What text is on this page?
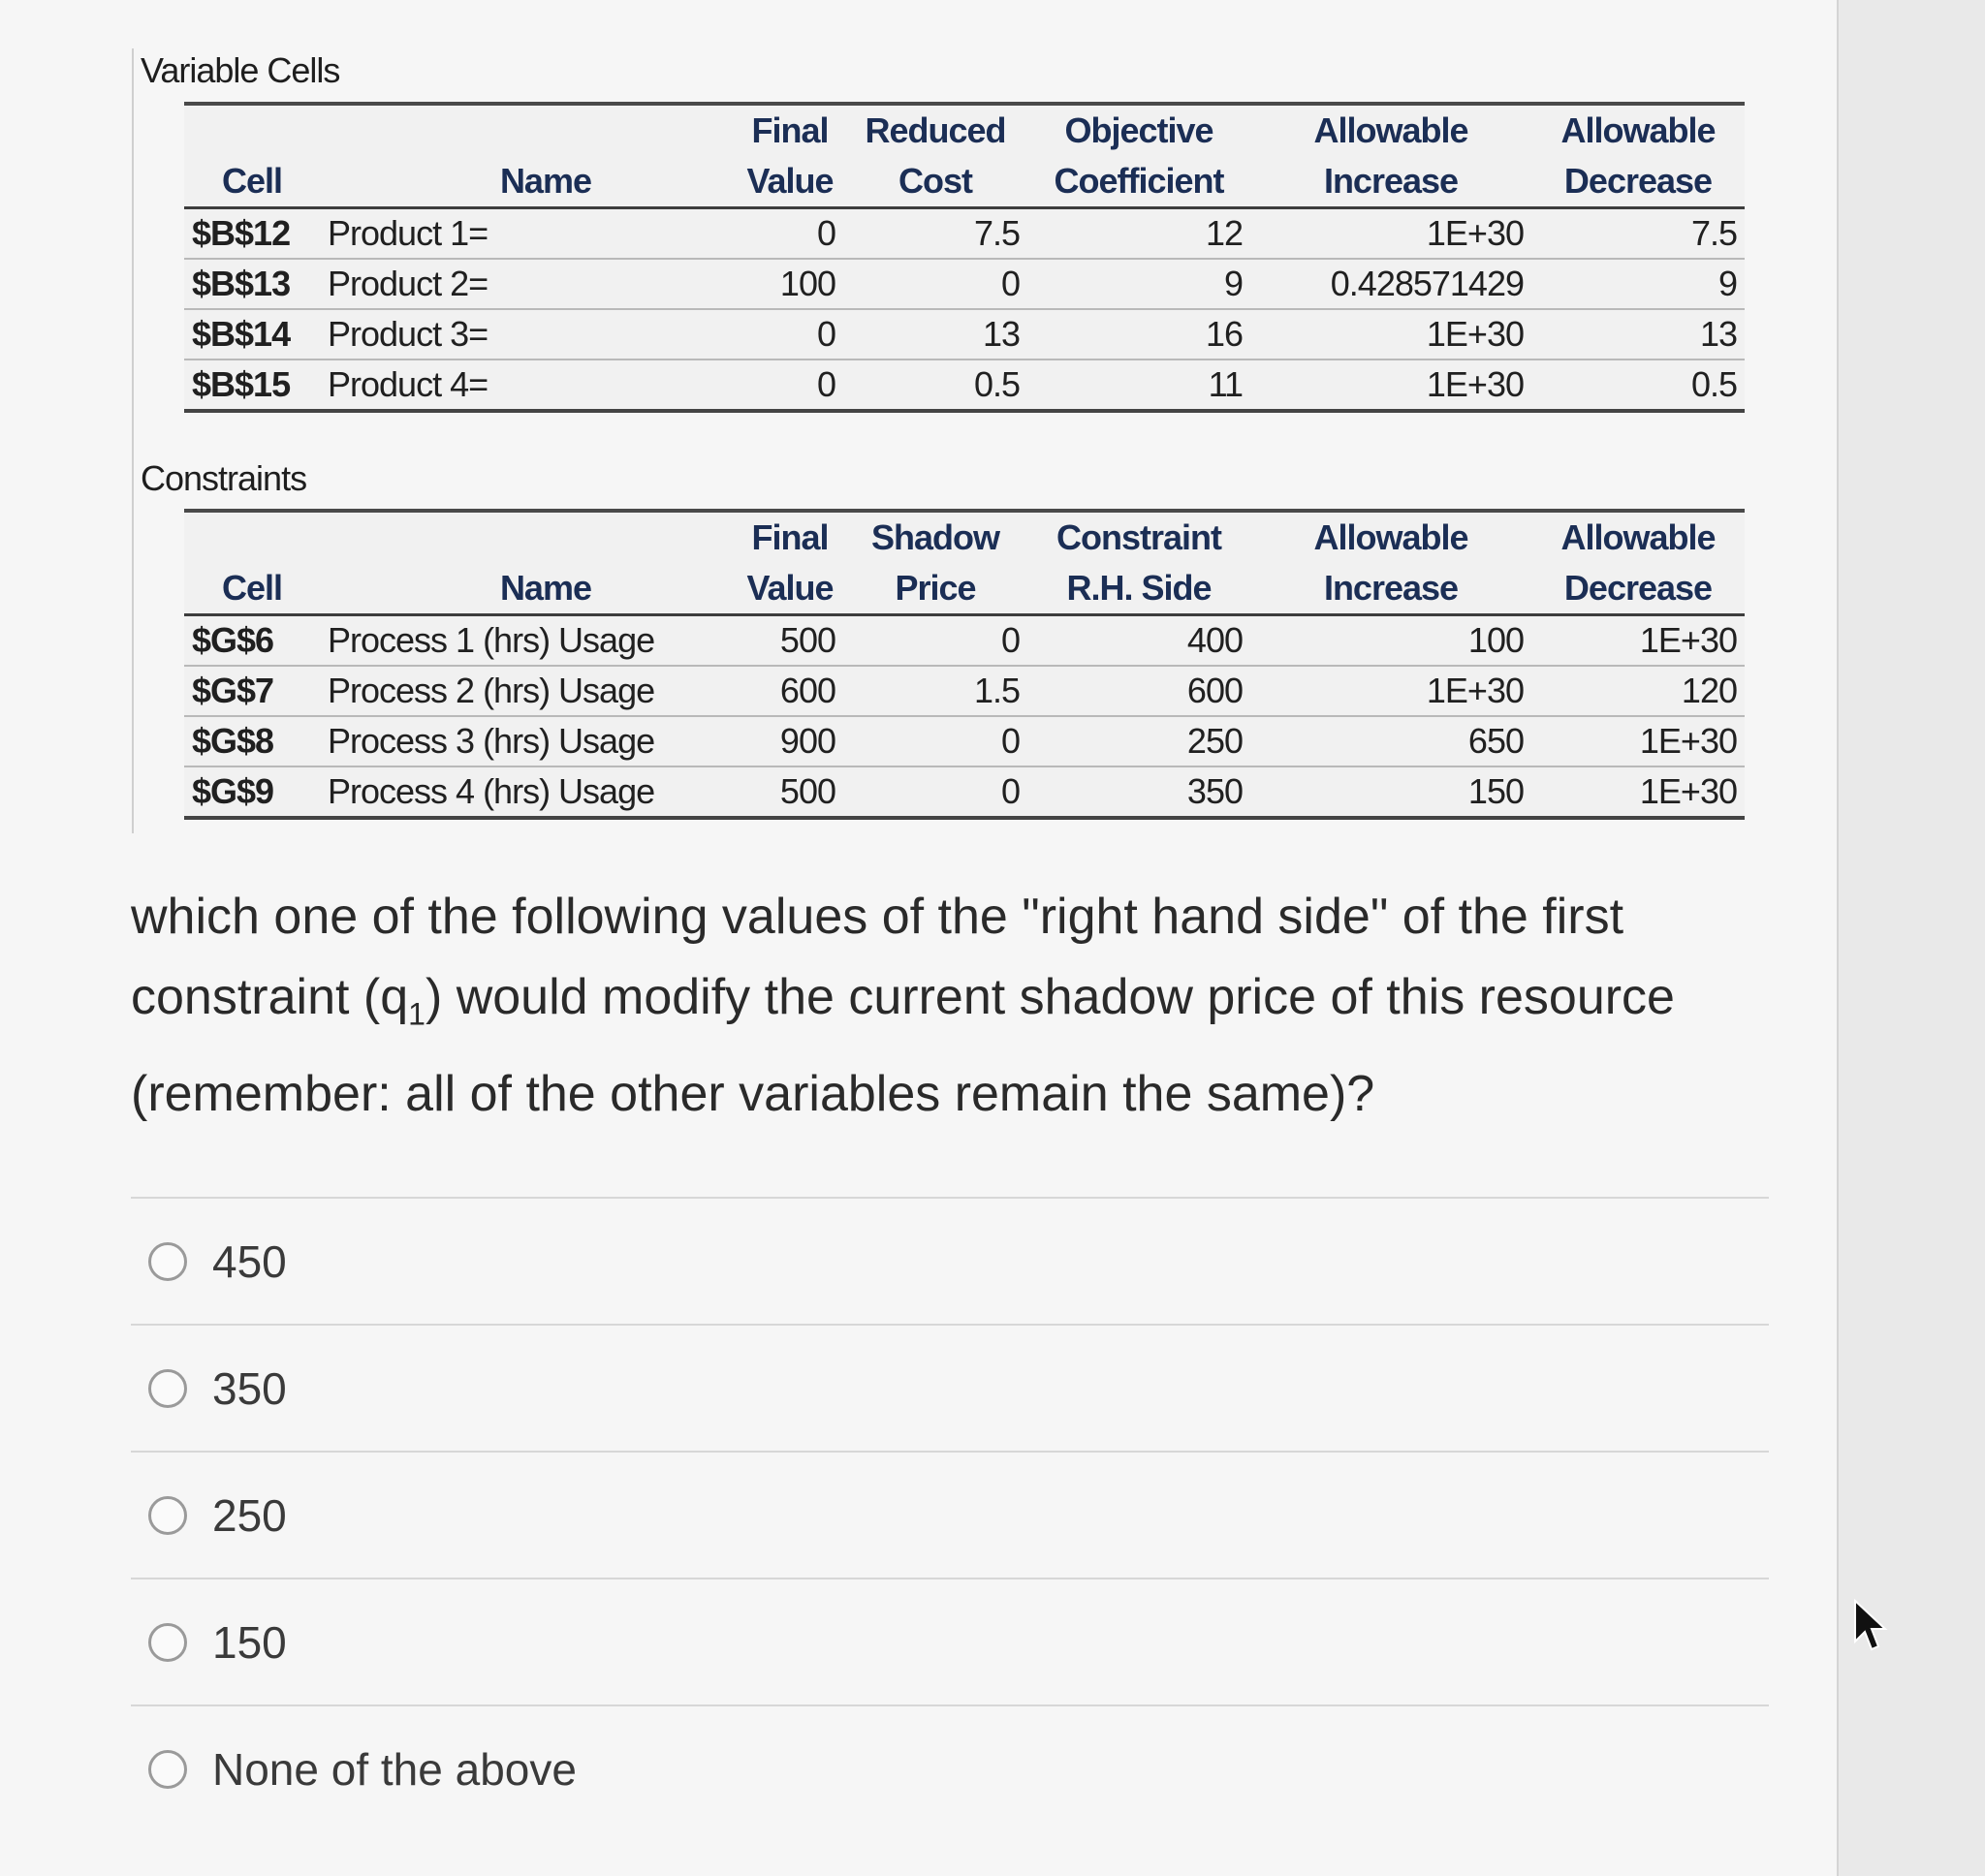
Variable Cells
		Final	Reduced	Objective	Allowable	Allowable
Cell	Name	Value	Cost	Coefficient	Increase	Decrease
$B$12	Product 1=	0	7.5	12	1E+30	7.5
$B$13	Product 2=	100	0	9	0.428571429	9
$B$14	Product 3=	0	13	16	1E+30	13
$B$15	Product 4=	0	0.5	11	1E+30	0.5
Constraints
		Final	Shadow	Constraint	Allowable	Allowable
Cell	Name	Value	Price	R.H. Side	Increase	Decrease
$G$6	Process 1 (hrs) Usage	500	0	400	100	1E+30
$G$7	Process 2 (hrs) Usage	600	1.5	600	1E+30	120
$G$8	Process 3 (hrs) Usage	900	0	250	650	1E+30
$G$9	Process 4 (hrs) Usage	500	0	350	150	1E+30

which one of the following values of the "right hand side" of the first constraint $(q_1)$ would modify the current shadow price of this resource (remember: all of the other variables remain the same)?

450
350
250
150
None of the above
